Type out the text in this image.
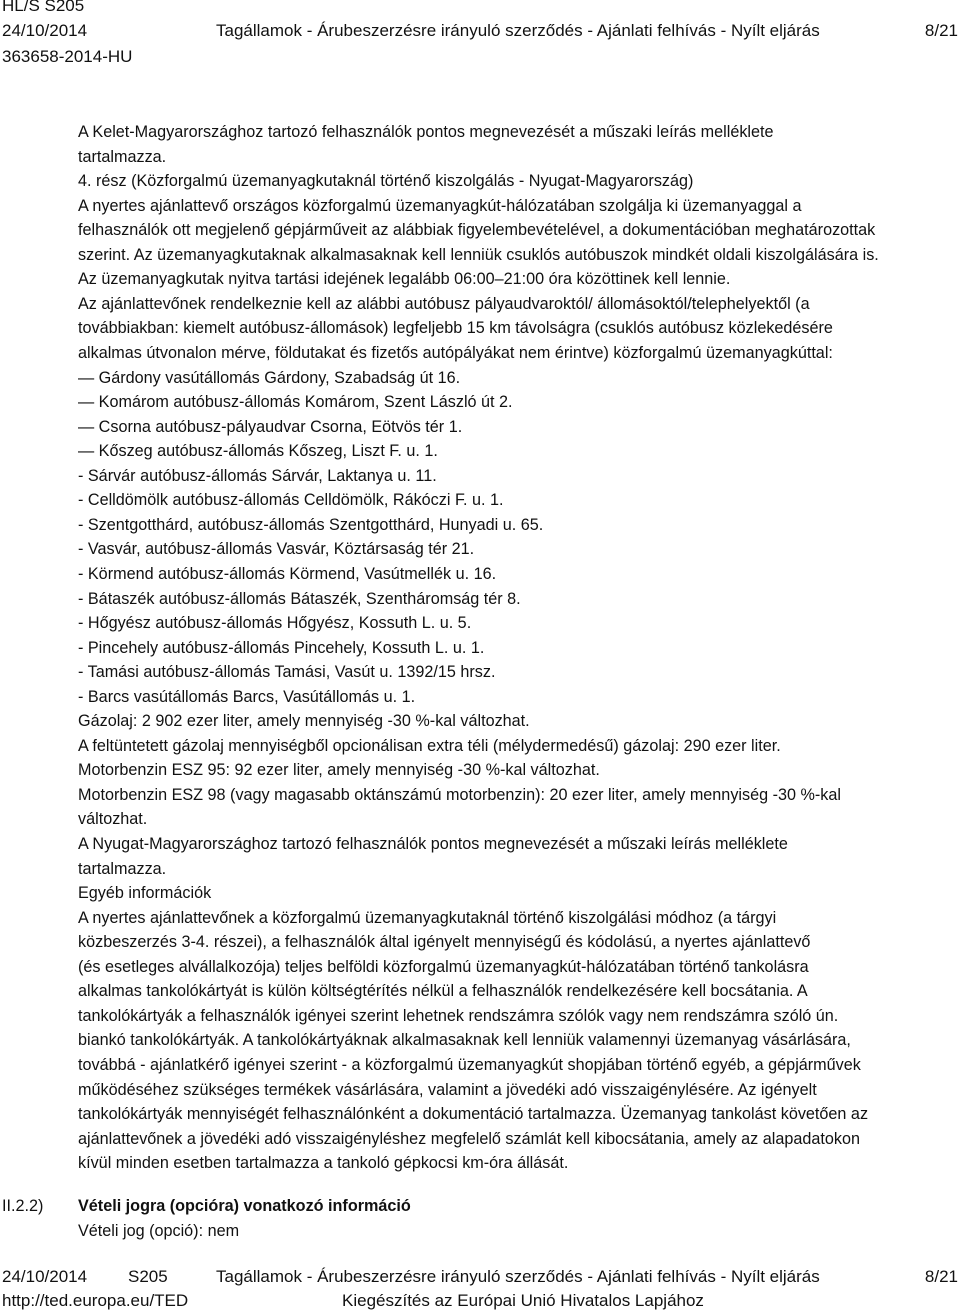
HL/S S205
24/10/2014	Tagállamok - Árubeszerzésre irányuló szerződés - Ajánlati felhívás - Nyílt eljárás	8/21
363658-2014-HU
A Kelet-Magyarországhoz tartozó felhasználók pontos megnevezését a műszaki leírás melléklete
tartalmazza.
4. rész (Közforgalmú üzemanyagkutaknál történő kiszolgálás - Nyugat-Magyarország)
A nyertes ajánlattevő országos közforgalmú üzemanyagkút-hálózatában szolgálja ki üzemanyaggal a
felhasználók ott megjelenő gépjárműveit az alábbiak figyelembevételével, a dokumentációban meghatározottak
szerint. Az üzemanyagkutaknak alkalmasaknak kell lenniük csuklós autóbuszok mindkét oldali kiszolgálására is.
Az üzemanyagkutak nyitva tartási idejének legalább 06:00–21:00 óra közöttinek kell lennie.
Az ajánlattevőnek rendelkeznie kell az alábbi autóbusz pályaudvaroktól/ állomásoktól/telephelyektől (a
továbbiakban: kiemelt autóbusz-állomások) legfeljebb 15 km távolságra (csuklós autóbusz közlekedésére
alkalmas útvonalon mérve, földutakat és fizetős autópályákat nem érintve) közforgalmú üzemanyagkúttal:
— Gárdony vasútállomás Gárdony, Szabadság út 16.
— Komárom autóbusz-állomás Komárom, Szent László út 2.
— Csorna autóbusz-pályaudvar Csorna, Eötvös tér 1.
— Kőszeg autóbusz-állomás Kőszeg, Liszt F. u. 1.
- Sárvár autóbusz-állomás Sárvár, Laktanya u. 11.
- Celldömölk autóbusz-állomás Celldömölk, Rákóczi F. u. 1.
- Szentgotthárd, autóbusz-állomás Szentgotthárd, Hunyadi u. 65.
- Vasvár, autóbusz-állomás Vasvár, Köztársaság tér 21.
- Körmend autóbusz-állomás Körmend, Vasútmellék u. 16.
- Bátaszék autóbusz-állomás Bátaszék, Szentháromság tér 8.
- Hőgyész autóbusz-állomás Hőgyész, Kossuth L. u. 5.
- Pincehely autóbusz-állomás Pincehely, Kossuth L. u. 1.
- Tamási autóbusz-állomás Tamási, Vasút u. 1392/15 hrsz.
- Barcs vasútállomás Barcs, Vasútállomás u. 1.
Gázolaj: 2 902 ezer liter, amely mennyiség -30 %-kal változhat.
A feltüntetett gázolaj mennyiségből opcionálisan extra téli (mélydermedésű) gázolaj: 290 ezer liter.
Motorbenzin ESZ 95: 92 ezer liter, amely mennyiség -30 %-kal változhat.
Motorbenzin ESZ 98 (vagy magasabb oktánszámú motorbenzin): 20 ezer liter, amely mennyiség -30 %-kal
változhat.
A Nyugat-Magyarországhoz tartozó felhasználók pontos megnevezését a műszaki leírás melléklete
tartalmazza.
Egyéb információk
A nyertes ajánlattevőnek a közforgalmú üzemanyagkutaknál történő kiszolgálási módhoz (a tárgyi
közbeszerzés 3-4. részei), a felhasználók által igényelt mennyiségű és kódolású, a nyertes ajánlattevő
(és esetleges alvállalkozója) teljes belföldi közforgalmú üzemanyagkút-hálózatában történő tankolásra
alkalmas tankolókártyát is külön költségtérítés nélkül a felhasználók rendelkezésére kell bocsátania. A
tankolókártyák a felhasználók igényei szerint lehetnek rendszámra szólók vagy nem rendszámra szóló ún.
biankó tankolókártyák. A tankolókártyáknak alkalmasaknak kell lenniük valamennyi üzemanyag vásárlására,
továbbá - ajánlatkérő igényei szerint - a közforgalmú üzemanyagkút shopjában történő egyéb, a gépjárművek
működéséhez szükséges termékek vásárlására, valamint a jövedéki adó visszaigénylésére. Az igényelt
tankolókártyák mennyiségét felhasználónként a dokumentáció tartalmazza. Üzemanyag tankolást követően az
ajánlattevőnek a jövedéki adó visszaigényléshez megfelelő számlát kell kibocsátania, amely az alapadatokon
kívül minden esetben tartalmazza a tankoló gépkocsi km-óra állását.
II.2.2) Vételi jogra (opcióra) vonatkozó információ
Vételi jog (opció): nem
24/10/2014 S205	Tagállamok - Árubeszerzésre irányuló szerződés - Ajánlati felhívás - Nyílt eljárás	8/21
http://ted.europa.eu/TED	Kiegészítés az Európai Unió Hivatalos Lapjához
